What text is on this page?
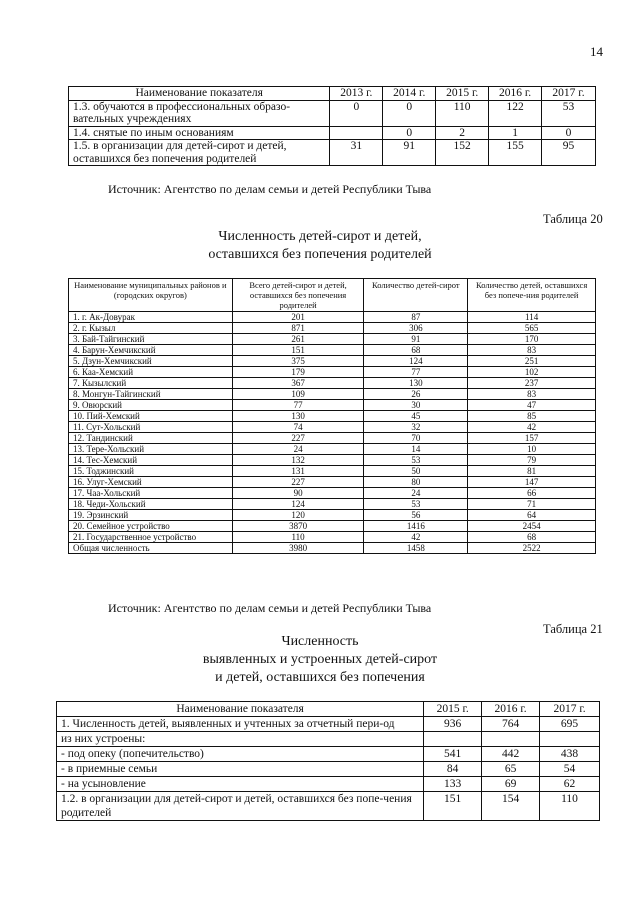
14
Наименование показателя	2013 г.	2014 г.	2015 г.	2016 г.	2017 г.
1.3. обучаются в профессиональных образо-вательных учреждениях	0	0	110	122	53
1.4. снятые по иным основаниям		0	2	1	0
1.5. в организации для детей-сирот и детей, оставшихся без попечения родителей	31	91	152	155	95
Источник: Агентство по делам семьи и детей Республики Тыва
Таблица 20
Численность детей-сирот и детей,
оставшихся без попечения родителей
Наименование муниципальных районов и (городских округов)	Всего детей-сирот и детей, оставшихся без попечения родителей	Количество детей-сирот	Количество детей, оставшихся без попече-ния родителей
1. г. Ак-Довурак	201	87	114
2. г. Кызыл	871	306	565
3. Бай-Тайгинский	261	91	170
4. Барун-Хемчикский	151	68	83
5. Дзун-Хемчикский	375	124	251
6. Каа-Хемский	179	77	102
7. Кызылский	367	130	237
8. Монгун-Тайгинский	109	26	83
9. Овюрский	77	30	47
10. Пий-Хемский	130	45	85
11. Сут-Хольский	74	32	42
12. Тандинский	227	70	157
13. Тере-Хольский	24	14	10
14. Тес-Хемский	132	53	79
15. Тоджинский	131	50	81
16. Улуг-Хемский	227	80	147
17. Чаа-Хольский	90	24	66
18. Чеди-Хольский	124	53	71
19. Эрзинский	120	56	64
20. Семейное устройство	3870	1416	2454
21. Государственное устройство	110	42	68
Общая численность	3980	1458	2522
Источник: Агентство по делам семьи и детей Республики Тыва
Таблица 21
Численность
выявленных и устроенных детей-сирот
и детей, оставшихся без попечения
Наименование показателя	2015 г.	2016 г.	2017 г.
1. Численность детей, выявленных и учтенных за отчетный пери-од	936	764	695
из них устроены:			
- под опеку (попечительство)	541	442	438
- в приемные семьи	84	65	54
- на усыновление	133	69	62
1.2. в организации для детей-сирот и детей, оставшихся без попе-чения родителей	151	154	110
